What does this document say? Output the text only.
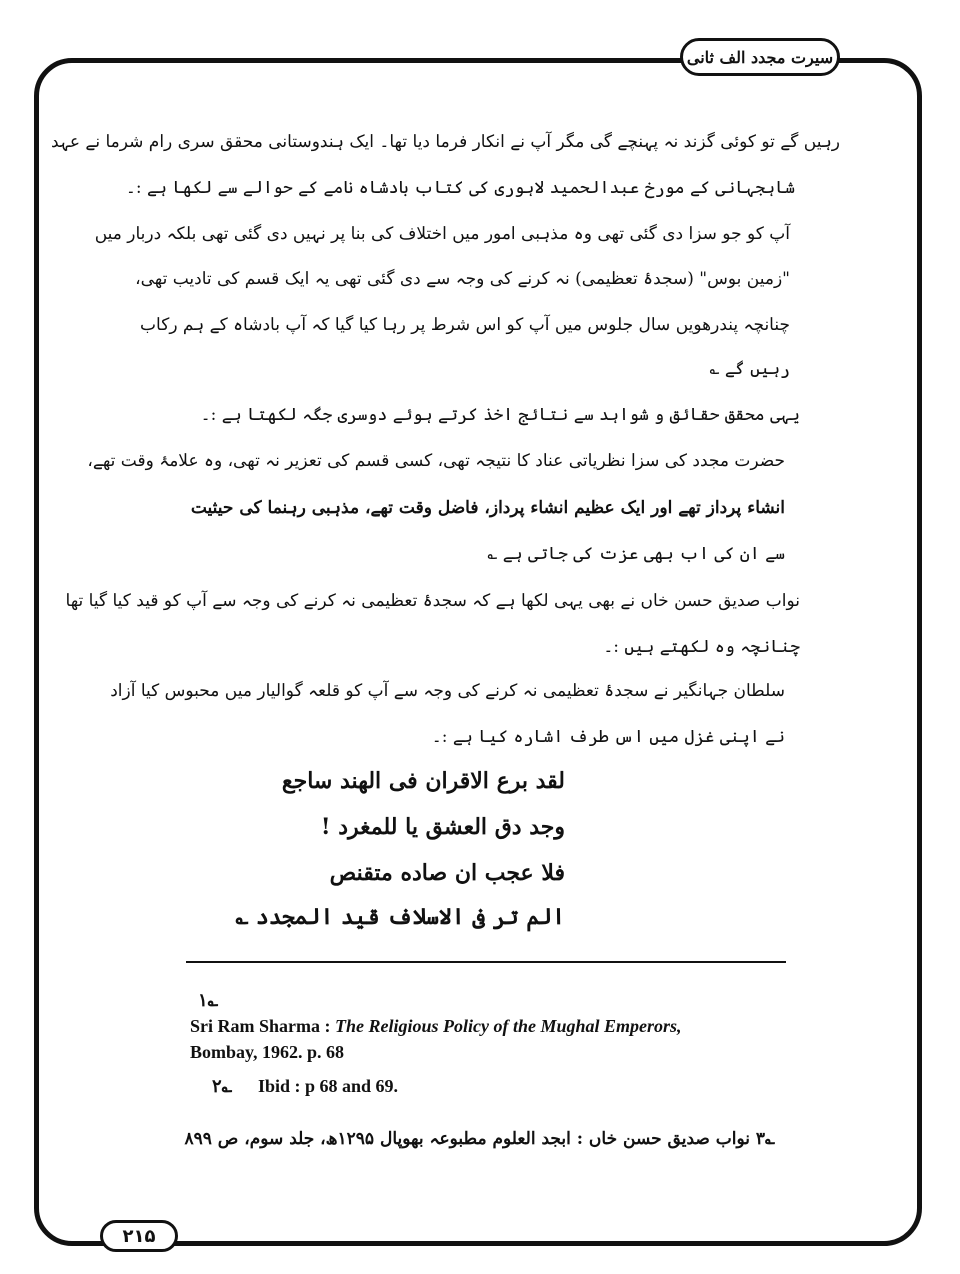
سیرت مجدد الف ثانی
رہیں گے تو کوئی گزند نہ پہنچے گی مگر آپ نے انکار فرما دیا تھا۔ ایک ہندوستانی محقق سری رام شرما نے عہد
شاہجہانی کے مورخ عبدالحمید لاہوری کی کتاب بادشاہ نامے کے حوالے سے لکھا ہے :۔
آپ کو جو سزا دی گئی تھی وہ مذہبی امور میں اختلاف کی بنا پر نہیں دی گئی تھی بلکہ دربار میں
"زمین بوس" (سجدۂ تعظیمی) نہ کرنے کی وجہ سے دی گئی تھی یہ ایک قسم کی تادیب تھی،
چنانچہ پندرھویں سال جلوس میں آپ کو اس شرط پر رہا کیا گیا کہ آپ بادشاہ کے ہم رکاب
رہیں گے ؎
یہی محقق حقائق و شواہد سے نتائج اخذ کرتے ہوئے دوسری جگہ لکھتا ہے :۔
حضرت مجدد کی سزا نظریاتی عناد کا نتیجہ تھی، کسی قسم کی تعزیر نہ تھی، وہ علامۂ وقت تھے،
انشاء پرداز تھے اور ایک عظیم انشاء پرداز، فاضل وقت تھے، مذہبی رہنما کی حیثیت
سے ان کی اب بھی عزت کی جاتی ہے ؎
نواب صدیق حسن خاں نے بھی یہی لکھا ہے کہ سجدۂ تعظیمی نہ کرنے کی وجہ سے آپ کو قید کیا گیا تھا
چنانچہ وہ لکھتے ہیں :۔
سلطان جہانگیر نے سجدۂ تعظیمی نہ کرنے کی وجہ سے آپ کو قلعہ گوالیار میں محبوس کیا آزاد
نے اپنی غزل میں اس طرف اشارہ کیا ہے :۔
لقد برع الاقران فی الهند ساجع
وجد دق العشق یا للمغرد !
فلا عجب ان صاده متقنص
الم تر فی الاسلاف قید المجدد ؎
؎۱
Sri Ram Sharma : The Religious Policy of the Mughal Emperors,
Bombay, 1962. p. 68
؎۲ Ibid : p 68 and 69.
؎۳ نواب صدیق حسن خاں : ابجد العلوم مطبوعہ بھوپال ۱۲۹۵ھ، جلد سوم، ص ۸۹۹
۲۱۵
